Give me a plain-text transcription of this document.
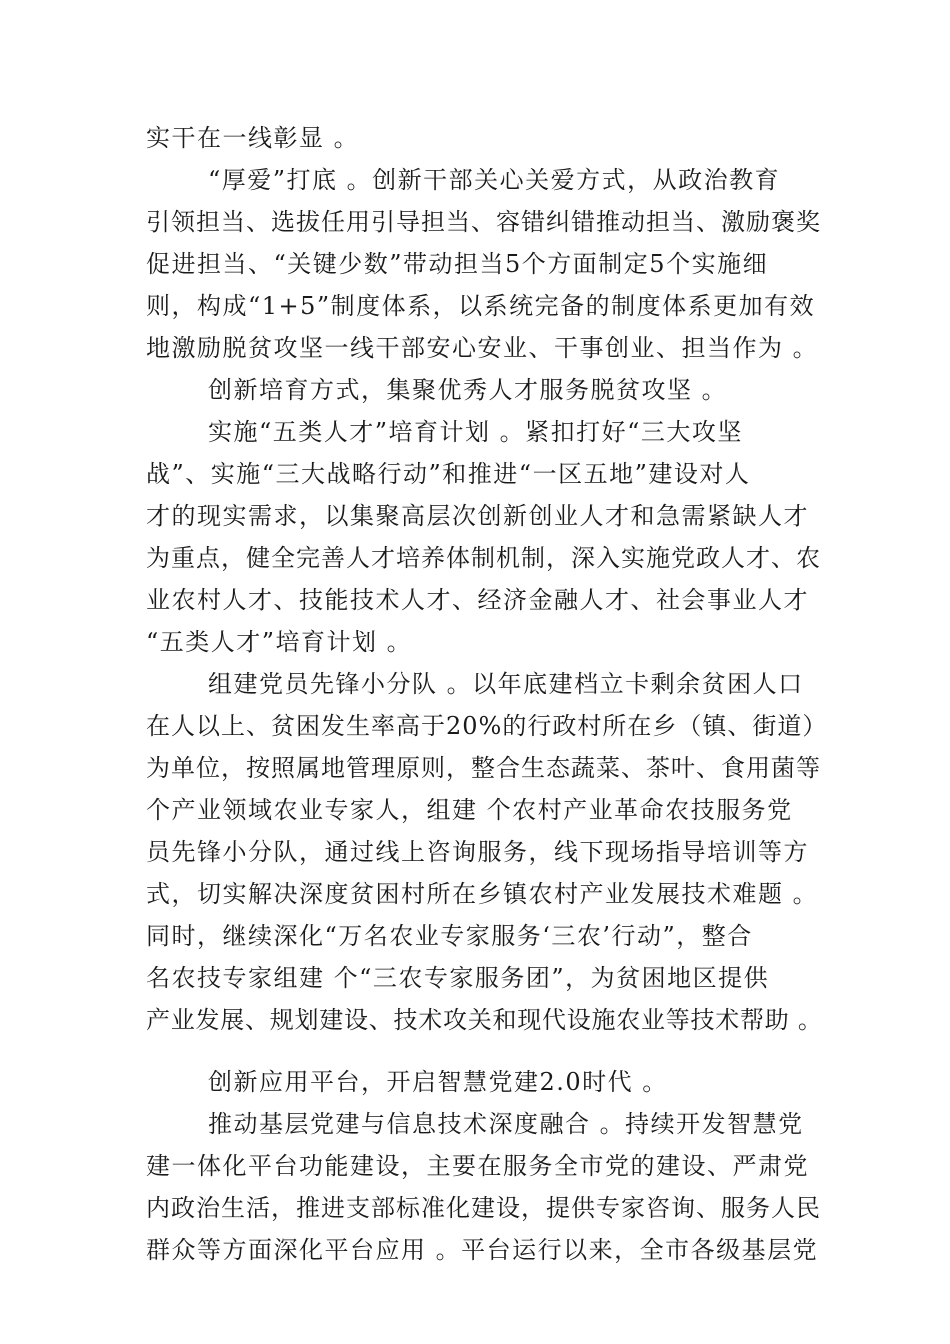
实干在一线彰显 。
“厚爱”打底 。创新干部关心关爱方式，从政治教育
引领担当、选拔任用引导担当、容错纠错推动担当、激励褒奖
促进担当、“关键少数”带动担当5个方面制定5个实施细
则，构成“1+5”制度体系，以系统完备的制度体系更加有效
地激励脱贫攻坚一线干部安心安业、干事创业、担当作为 。
创新培育方式，集聚优秀人才服务脱贫攻坚 。
实施“五类人才”培育计划 。紧扣打好“三大攻坚
战”、实施“三大战略行动”和推进“一区五地”建设对人
才的现实需求，以集聚高层次创新创业人才和急需紧缺人才
为重点，健全完善人才培养体制机制，深入实施党政人才、农
业农村人才、技能技术人才、经济金融人才、社会事业人才
“五类人才”培育计划 。
组建党员先锋小分队 。以年底建档立卡剩余贫困人口
在人以上、贫困发生率高于20%的行政村所在乡（镇、街道）
为单位，按照属地管理原则，整合生态蔬菜、茶叶、食用菌等
个产业领域农业专家人，组建 个农村产业革命农技服务党
员先锋小分队，通过线上咨询服务，线下现场指导培训等方
式，切实解决深度贫困村所在乡镇农村产业发展技术难题 。
同时，继续深化“万名农业专家服务‘三农’行动”，整合
名农技专家组建 个“三农专家服务团”，为贫困地区提供
产业发展、规划建设、技术攻关和现代设施农业等技术帮助 。
创新应用平台，开启智慧党建2.0时代 。
推动基层党建与信息技术深度融合 。持续开发智慧党
建一体化平台功能建设，主要在服务全市党的建设、严肃党
内政治生活，推进支部标准化建设，提供专家咨询、服务人民
群众等方面深化平台应用 。平台运行以来，全市各级基层党
